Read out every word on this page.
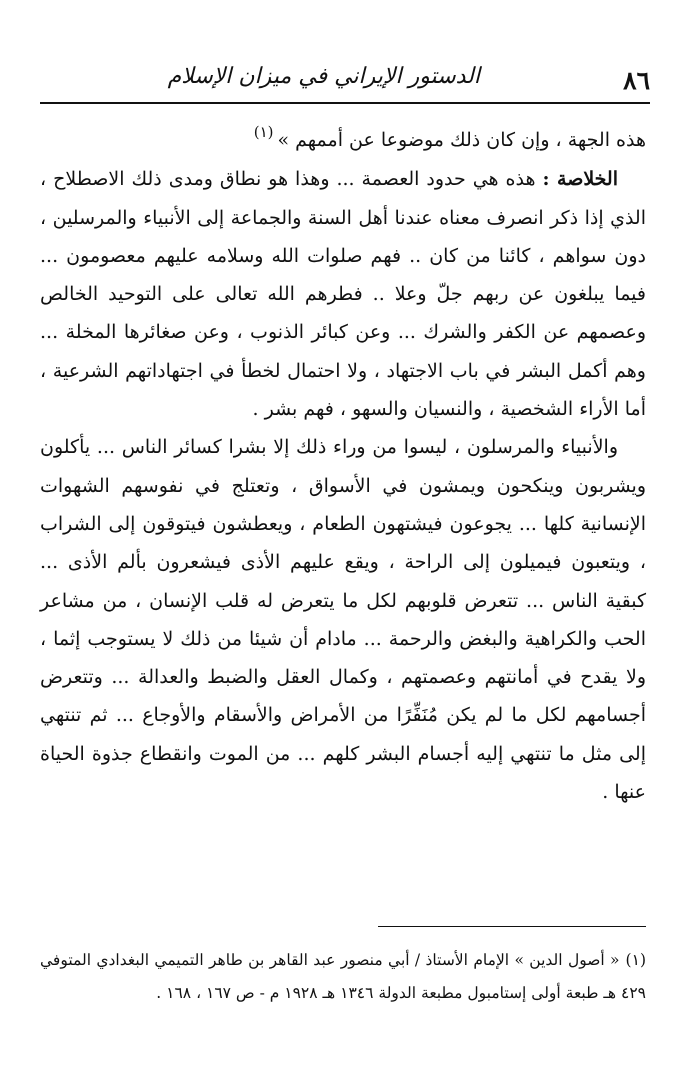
٨٦
الدستور الإيراني في ميزان الإسلام

هذه الجهة ، وإن كان ذلك موضوعا عن أممهم »$^{(١)}$

الخلاصة : هذه هي حدود العصمة ... وهذا هو نطاق ومدى ذلك الاصطلاح ، الذي إذا ذكر انصرف معناه عندنا أهل السنة والجماعة إلى الأنبياء والمرسلين ، دون سواهم ، كائنا من كان .. فهم صلوات الله وسلامه عليهم معصومون ... فيما يبلغون عن ربهم جلّ وعلا .. فطرهم الله تعالى على التوحيد الخالص وعصمهم عن الكفر والشرك ... وعن كبائر الذنوب ، وعن صغائرها المخلة ... وهم أكمل البشر في باب الاجتهاد ، ولا احتمال لخطأ في اجتهاداتهم الشرعية ، أما الأراء الشخصية ، والنسيان والسهو ، فهم بشر .

والأنبياء والمرسلون ، ليسوا من وراء ذلك إلا بشرا كسائر الناس ... يأكلون ويشربون وينكحون ويمشون في الأسواق ، وتعتلج في نفوسهم الشهوات الإنسانية كلها ... يجوعون فيشتهون الطعام ، ويعطشون فيتوقون إلى الشراب ، ويتعبون فيميلون إلى الراحة ، ويقع عليهم الأذى فيشعرون بألم الأذى ... كبقية الناس ... تتعرض قلوبهم لكل ما يتعرض له قلب الإنسان ، من مشاعر الحب والكراهية والبغض والرحمة ... مادام أن شيئا من ذلك لا يستوجب إثما ، ولا يقدح في أمانتهم وعصمتهم ، وكمال العقل والضبط والعدالة ... وتتعرض أجسامهم لكل ما لم يكن مُنَفِّرًا من الأمراض والأسقام والأوجاع ... ثم تنتهي إلى مثل ما تنتهي إليه أجسام البشر كلهم ... من الموت وانقطاع جذوة الحياة عنها .

(١)« أصول الدين » الإمام الأستاذ / أبي منصور عبد القاهر بن طاهر التميمي البغدادي المتوفي ٤٢٩ هـ طبعة أولى إستامبول مطبعة الدولة ١٣٤٦ هـ ١٩٢٨ م - ص ١٦٧ ، ١٦٨ .
